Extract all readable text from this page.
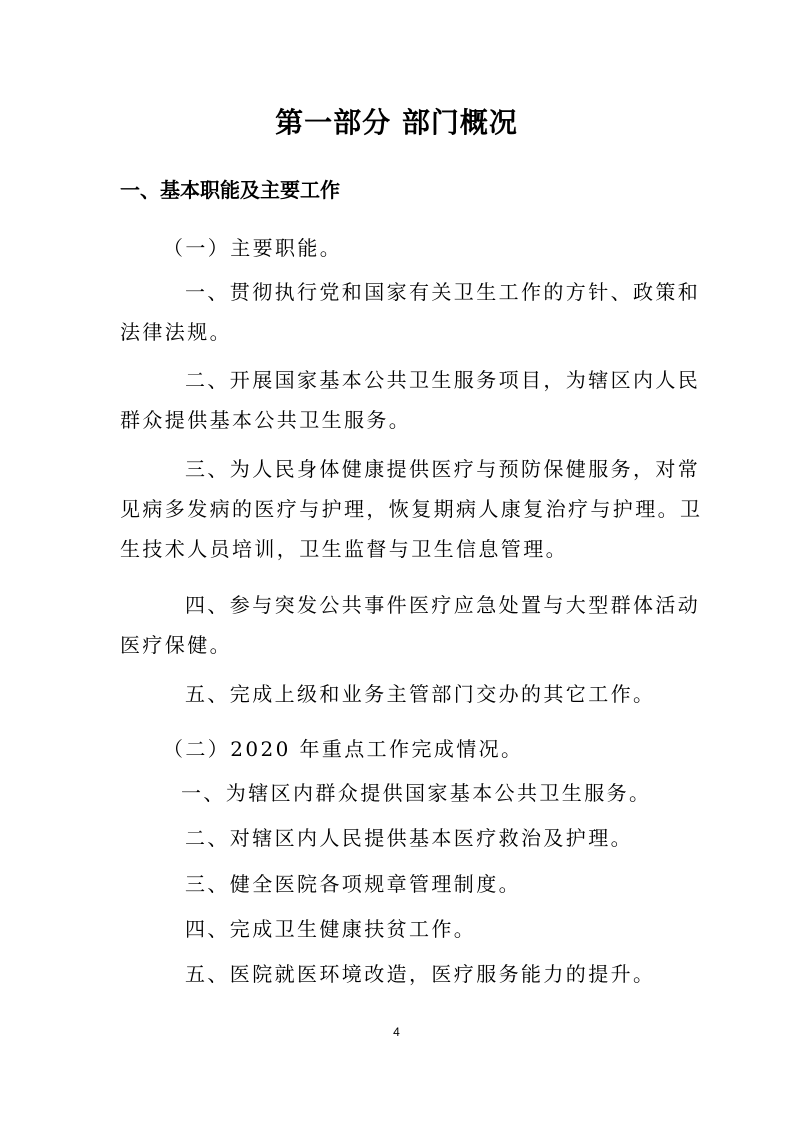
第一部分 部门概况
一、基本职能及主要工作
（一）主要职能。
一、贯彻执行党和国家有关卫生工作的方针、政策和
法律法规。
二、开展国家基本公共卫生服务项目，为辖区内人民
群众提供基本公共卫生服务。
三、为人民身体健康提供医疗与预防保健服务，对常
见病多发病的医疗与护理，恢复期病人康复治疗与护理。卫
生技术人员培训，卫生监督与卫生信息管理。
四、参与突发公共事件医疗应急处置与大型群体活动
医疗保健。
五、完成上级和业务主管部门交办的其它工作。
（二）2020 年重点工作完成情况。
一、为辖区内群众提供国家基本公共卫生服务。
二、对辖区内人民提供基本医疗救治及护理。
三、健全医院各项规章管理制度。
四、完成卫生健康扶贫工作。
五、医院就医环境改造，医疗服务能力的提升。
4
